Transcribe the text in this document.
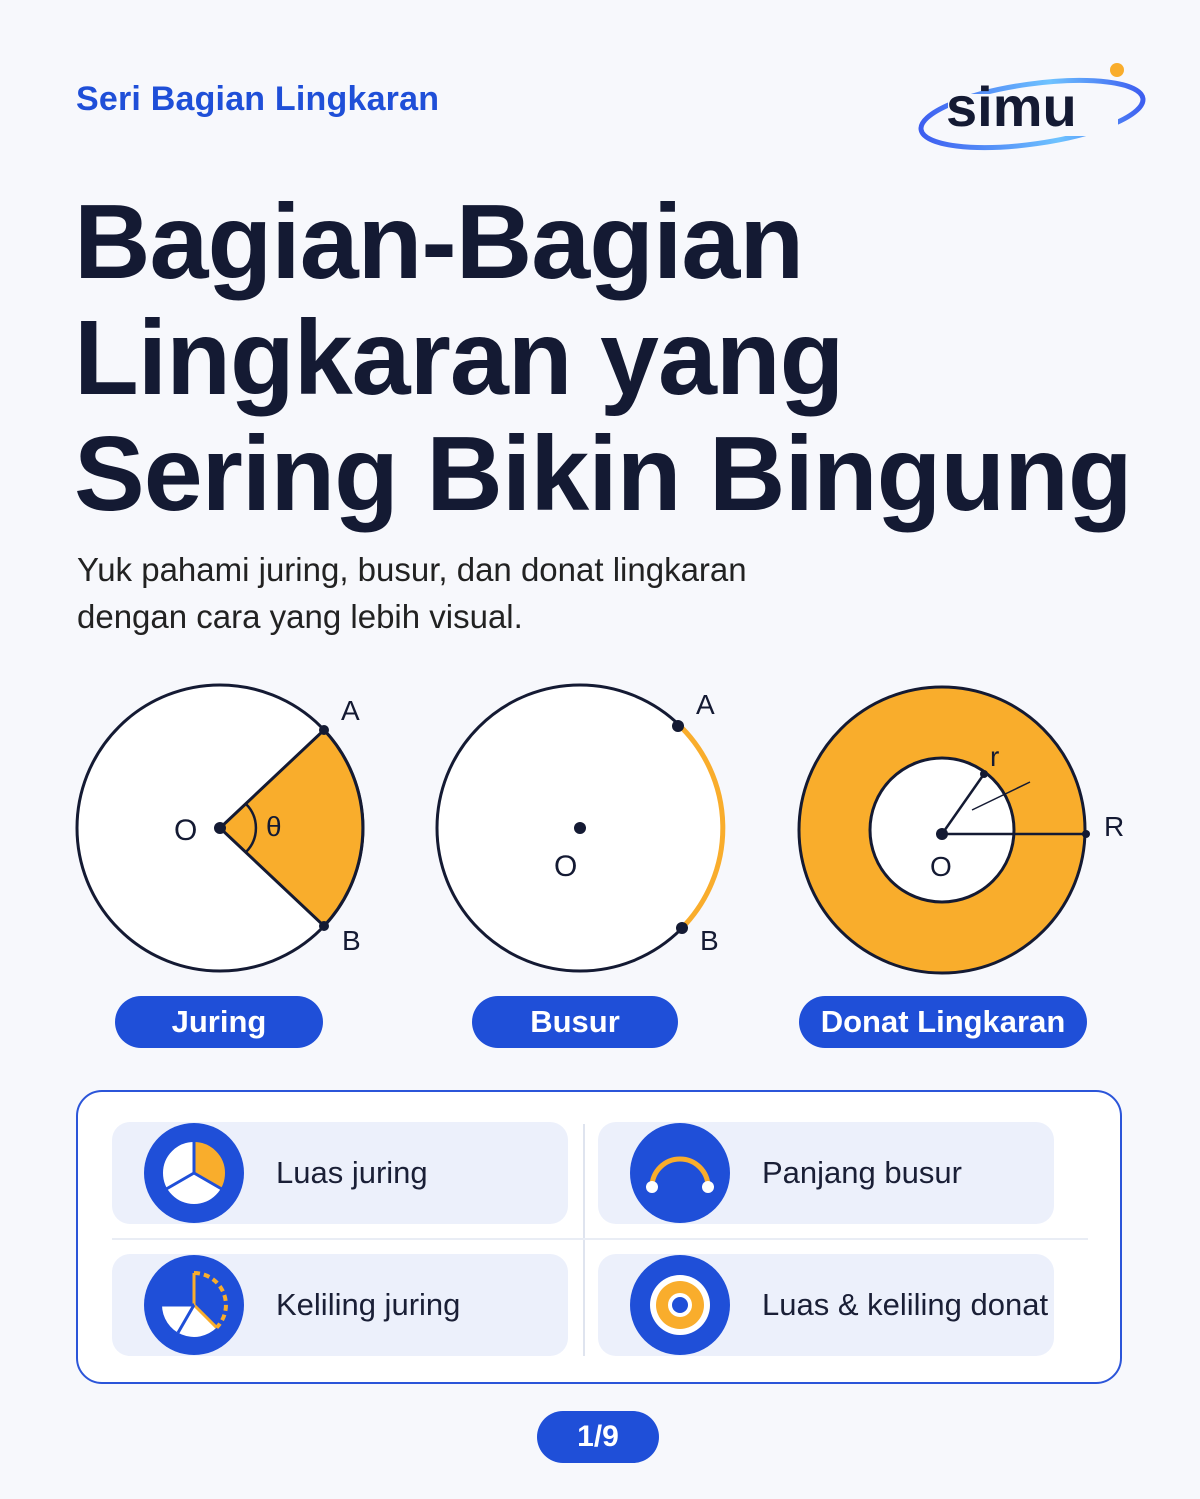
Seri Bagian Lingkaran	simu
Bagian-Bagian
Lingkaran yang
Sering Bikin Bingung

Yuk pahami juring, busur, dan donat lingkaran
dengan cara yang lebih visual.

O θ
A
B
O
A
B
O
r
R
Juring	Busur	Donat Lingkaran
Luas juring	Panjang busur
Keliling juring	Luas & keliling donat
1/9
